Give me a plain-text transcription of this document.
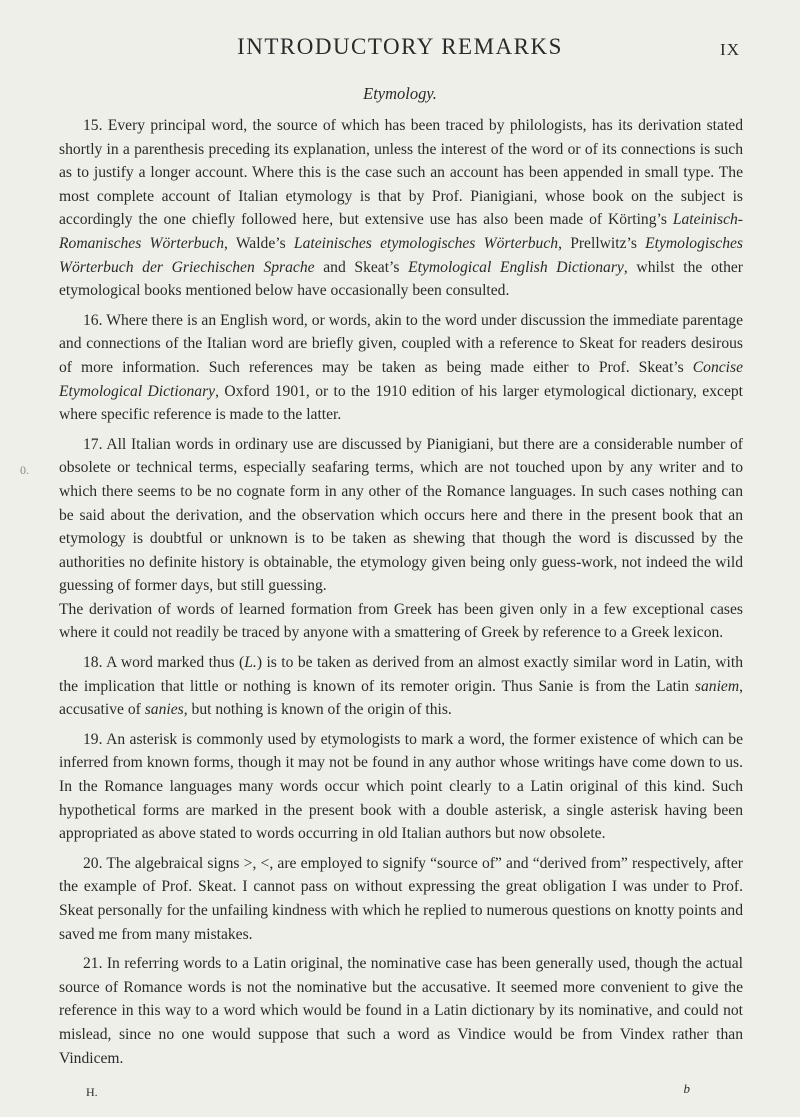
INTRODUCTORY REMARKS	IX
Etymology.
0.

15. Every principal word, the source of which has been traced by philologists, has its derivation stated shortly in a parenthesis preceding its explanation, unless the interest of the word or of its connections is such as to justify a longer account. Where this is the case such an account has been appended in small type. The most complete account of Italian etymology is that by Prof. Pianigiani, whose book on the subject is accordingly the one chiefly followed here, but extensive use has also been made of Körting’s Lateinisch-Romanisches Wörterbuch, Walde’s Lateinisches etymologisches Wörterbuch, Prellwitz’s Etymologisches Wörterbuch der Griechischen Sprache and Skeat’s Etymological English Dictionary, whilst the other etymological books mentioned below have occasionally been consulted.

16. Where there is an English word, or words, akin to the word under discussion the immediate parentage and connections of the Italian word are briefly given, coupled with a reference to Skeat for readers desirous of more information. Such references may be taken as being made either to Prof. Skeat’s Concise Etymological Dictionary, Oxford 1901, or to the 1910 edition of his larger etymological dictionary, except where specific reference is made to the latter.

17. All Italian words in ordinary use are discussed by Pianigiani, but there are a considerable number of obsolete or technical terms, especially seafaring terms, which are not touched upon by any writer and to which there seems to be no cognate form in any other of the Romance languages. In such cases nothing can be said about the derivation, and the observation which occurs here and there in the present book that an etymology is doubtful or unknown is to be taken as shewing that though the word is discussed by the authorities no definite history is obtainable, the etymology given being only guess-work, not indeed the wild guessing of former days, but still guessing.

The derivation of words of learned formation from Greek has been given only in a few exceptional cases where it could not readily be traced by anyone with a smattering of Greek by reference to a Greek lexicon.

18. A word marked thus (L.) is to be taken as derived from an almost exactly similar word in Latin, with the implication that little or nothing is known of its remoter origin. Thus Sanie is from the Latin saniem, accusative of sanies, but nothing is known of the origin of this.

19. An asterisk is commonly used by etymologists to mark a word, the former existence of which can be inferred from known forms, though it may not be found in any author whose writings have come down to us. In the Romance languages many words occur which point clearly to a Latin original of this kind. Such hypothetical forms are marked in the present book with a double asterisk, a single asterisk having been appropriated as above stated to words occurring in old Italian authors but now obsolete.

20. The algebraical signs >, <, are employed to signify “source of” and “derived from” respectively, after the example of Prof. Skeat. I cannot pass on without expressing the great obligation I was under to Prof. Skeat personally for the unfailing kindness with which he replied to numerous questions on knotty points and saved me from many mistakes.

21. In referring words to a Latin original, the nominative case has been generally used, though the actual source of Romance words is not the nominative but the accusative. It seemed more convenient to give the reference in this way to a word which would be found in a Latin dictionary by its nominative, and could not mislead, since no one would suppose that such a word as Vindice would be from Vindex rather than Vindicem.

H.	b
